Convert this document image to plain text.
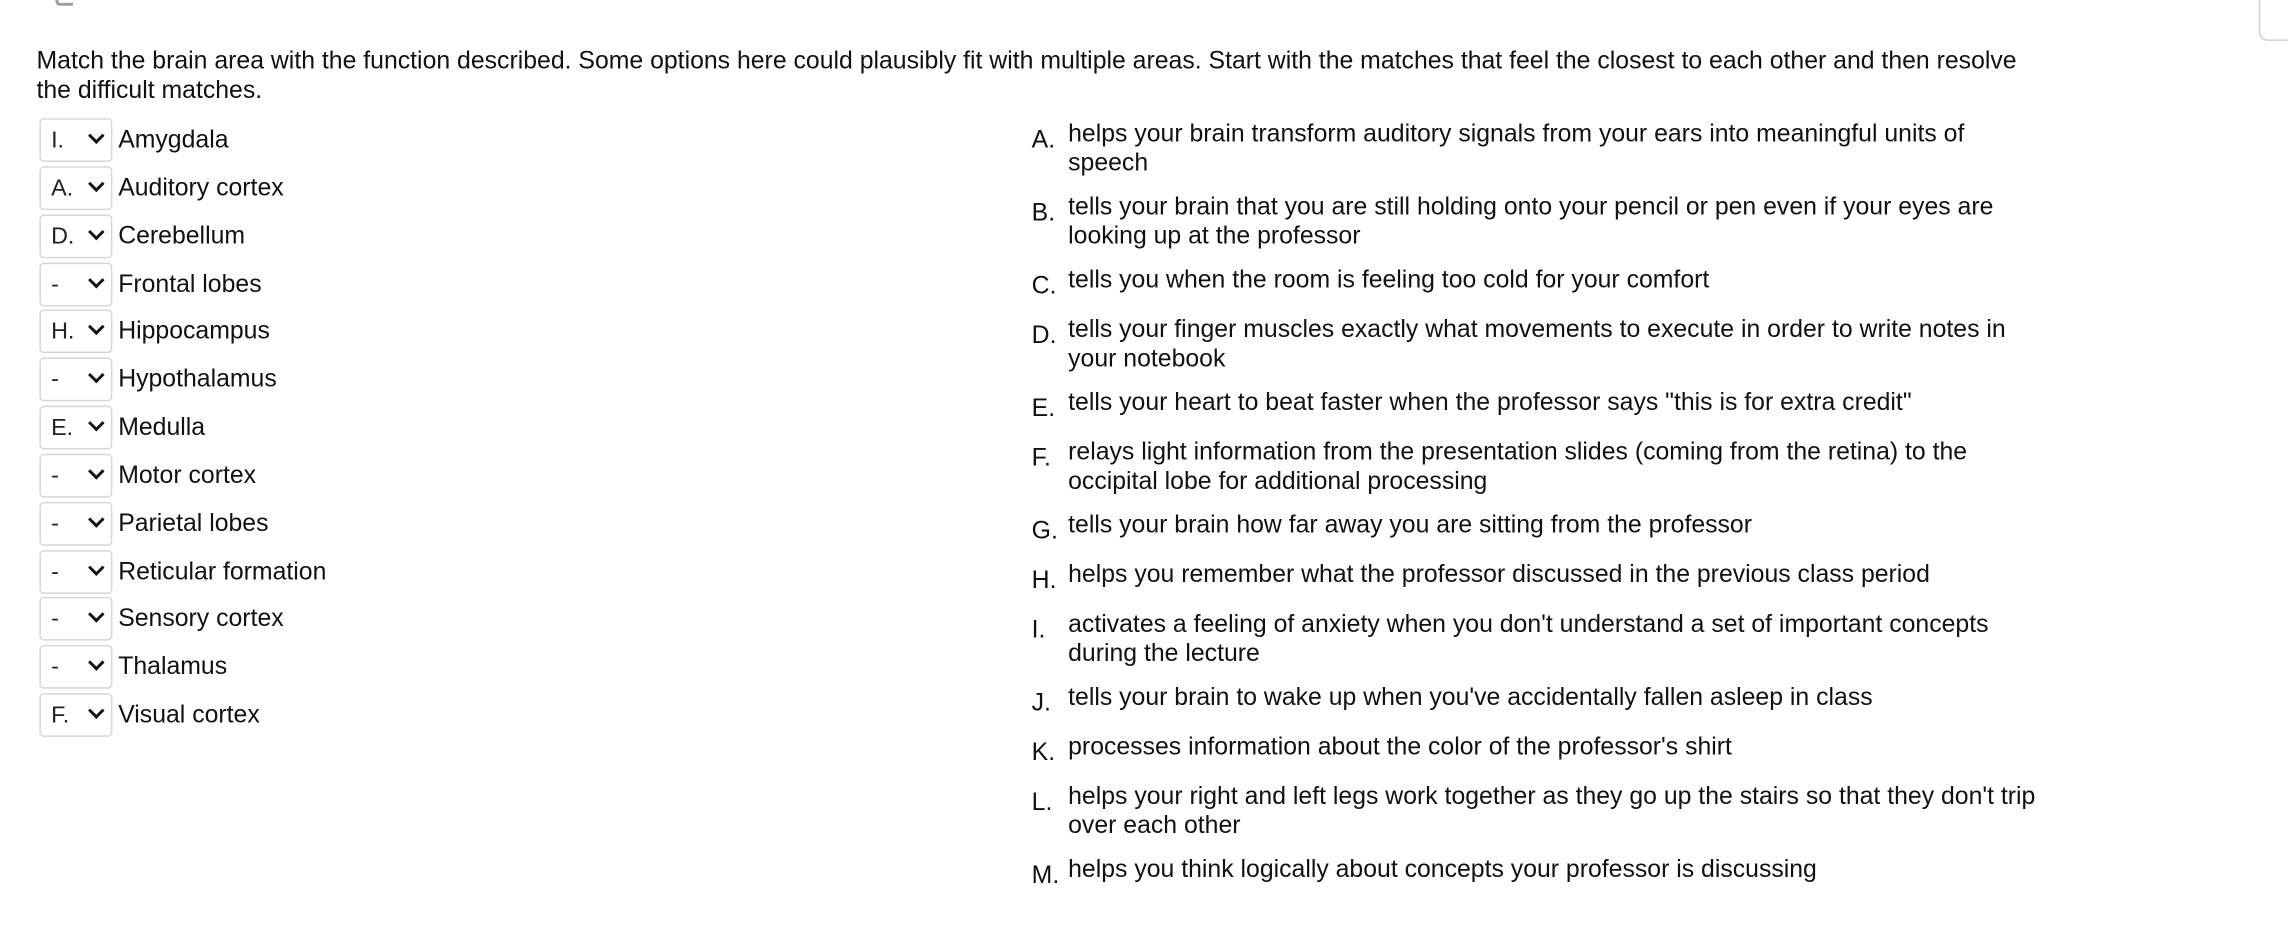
Match the brain area with the function described. Some options here could plausibly fit with multiple areas. Start with the matches that feel the closest to each other and then resolve the difficult matches.
I.	Amygdala
A.	Auditory cortex
D.	Cerebellum
-	Frontal lobes
H.	Hippocampus
-	Hypothalamus
E.	Medulla
-	Motor cortex
-	Parietal lobes
-	Reticular formation
-	Sensory cortex
-	Thalamus
F.	Visual cortex
A. helps your brain transform auditory signals from your ears into meaningful units of speech
B. tells your brain that you are still holding onto your pencil or pen even if your eyes are looking up at the professor
C. tells you when the room is feeling too cold for your comfort
D. tells your finger muscles exactly what movements to execute in order to write notes in your notebook
E. tells your heart to beat faster when the professor says "this is for extra credit"
F.	relays light information from the presentation slides (coming from the retina) to the occipital lobe for additional processing
G. tells your brain how far away you are sitting from the professor
H. helps you remember what the professor discussed in the previous class period
I.	activates a feeling of anxiety when you don't understand a set of important concepts during the lecture
J.	tells your brain to wake up when you've accidentally fallen asleep in class
K. processes information about the color of the professor's shirt
L. helps your right and left legs work together as they go up the stairs so that they don't trip over each other
M. helps you think logically about concepts your professor is discussing
